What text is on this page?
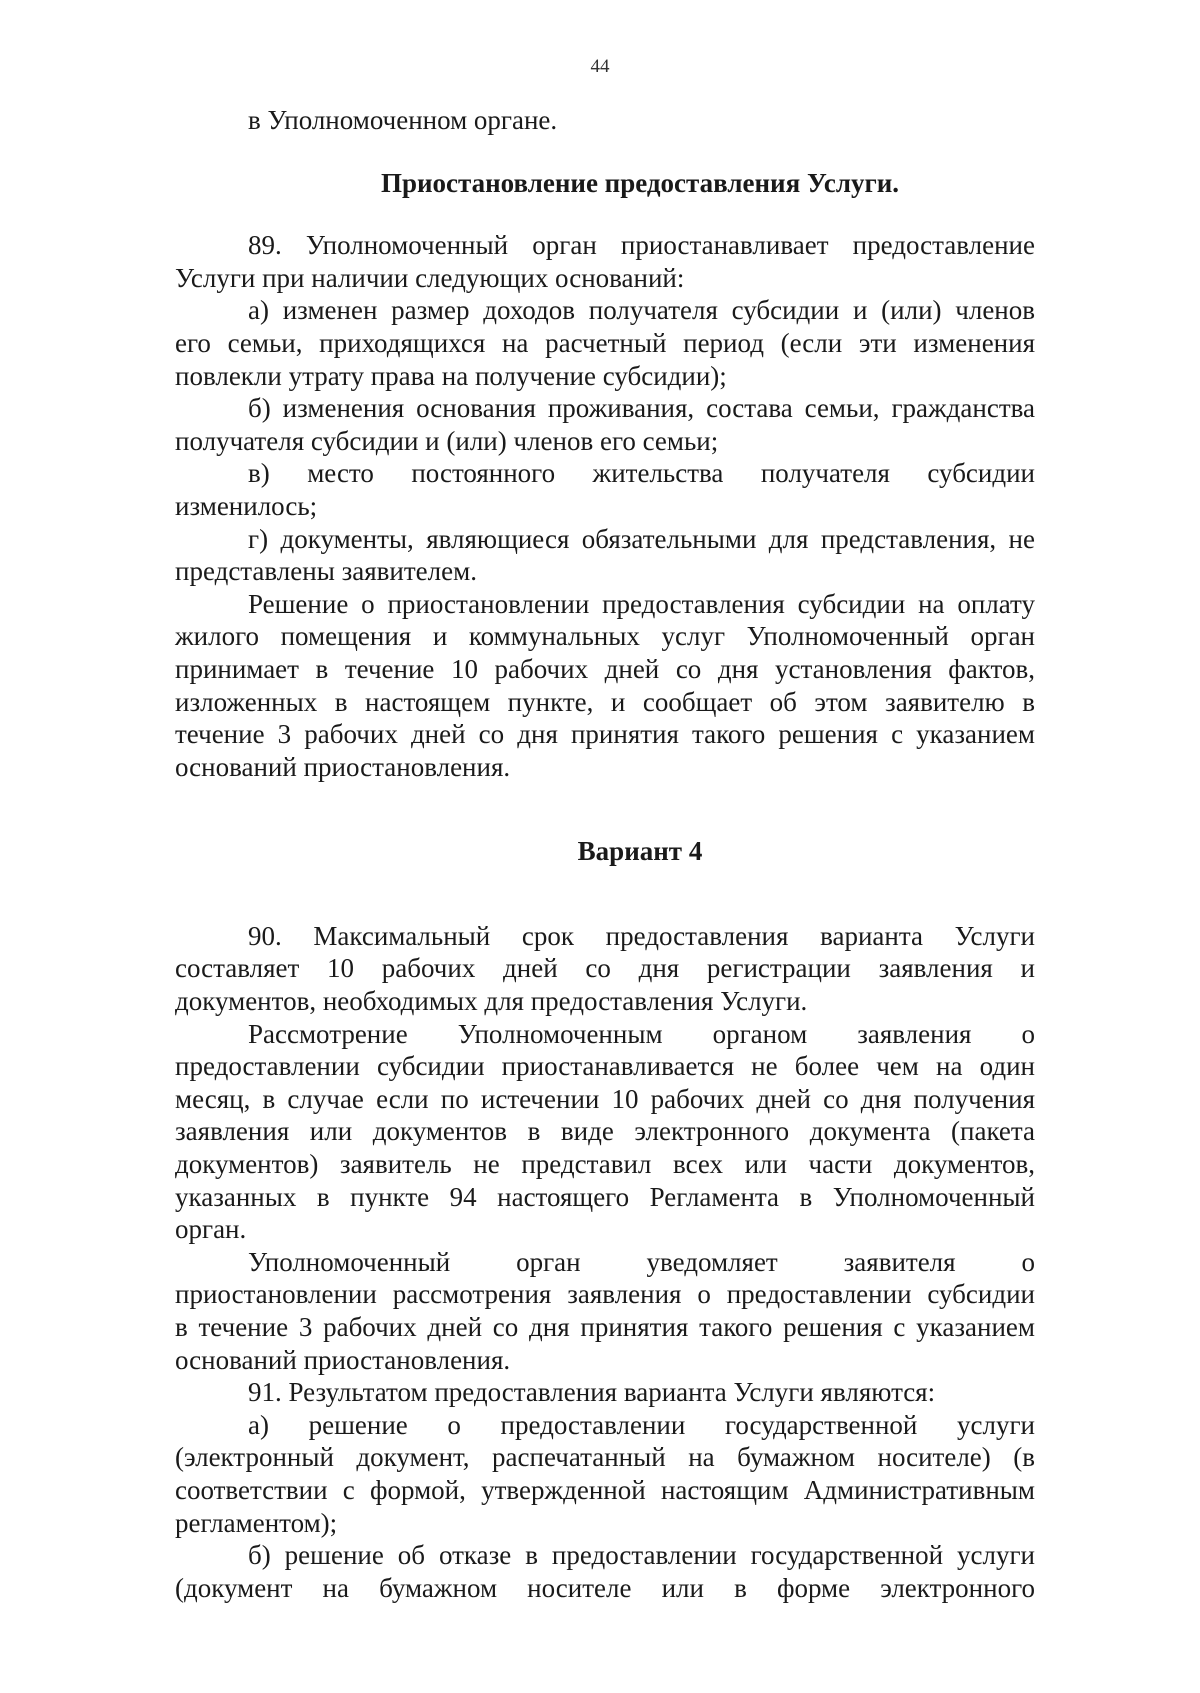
44
в Уполномоченном органе.
Приостановление предоставления Услуги.
89. Уполномоченный орган приостанавливает предоставление
Услуги при наличии следующих оснований:
а) изменен размер доходов получателя субсидии и (или) членов
его семьи, приходящихся на расчетный период (если эти изменения
повлекли утрату права на получение субсидии);
б) изменения основания проживания, состава семьи, гражданства
получателя субсидии и (или) членов его семьи;
в) место постоянного жительства получателя субсидии
изменилось;
г) документы, являющиеся обязательными для представления, не
представлены заявителем.
Решение о приостановлении предоставления субсидии на оплату
жилого помещения и коммунальных услуг Уполномоченный орган
принимает в течение 10 рабочих дней со дня установления фактов,
изложенных в настоящем пункте, и сообщает об этом заявителю в
течение 3 рабочих дней со дня принятия такого решения с указанием
оснований приостановления.
Вариант 4
90. Максимальный срок предоставления варианта Услуги
составляет 10 рабочих дней со дня регистрации заявления и
документов, необходимых для предоставления Услуги.
Рассмотрение Уполномоченным органом заявления о
предоставлении субсидии приостанавливается не более чем на один
месяц, в случае если по истечении 10 рабочих дней со дня получения
заявления или документов в виде электронного документа (пакета
документов) заявитель не представил всех или части документов,
указанных в пункте 94 настоящего Регламента в Уполномоченный
орган.
Уполномоченный орган уведомляет заявителя о
приостановлении рассмотрения заявления о предоставлении субсидии
в течение 3 рабочих дней со дня принятия такого решения с указанием
оснований приостановления.
91. Результатом предоставления варианта Услуги являются:
а) решение о предоставлении государственной услуги
(электронный документ, распечатанный на бумажном носителе) (в
соответствии с формой, утвержденной настоящим Административным
регламентом);
б) решение об отказе в предоставлении государственной услуги
(документ на бумажном носителе или в форме электронного
